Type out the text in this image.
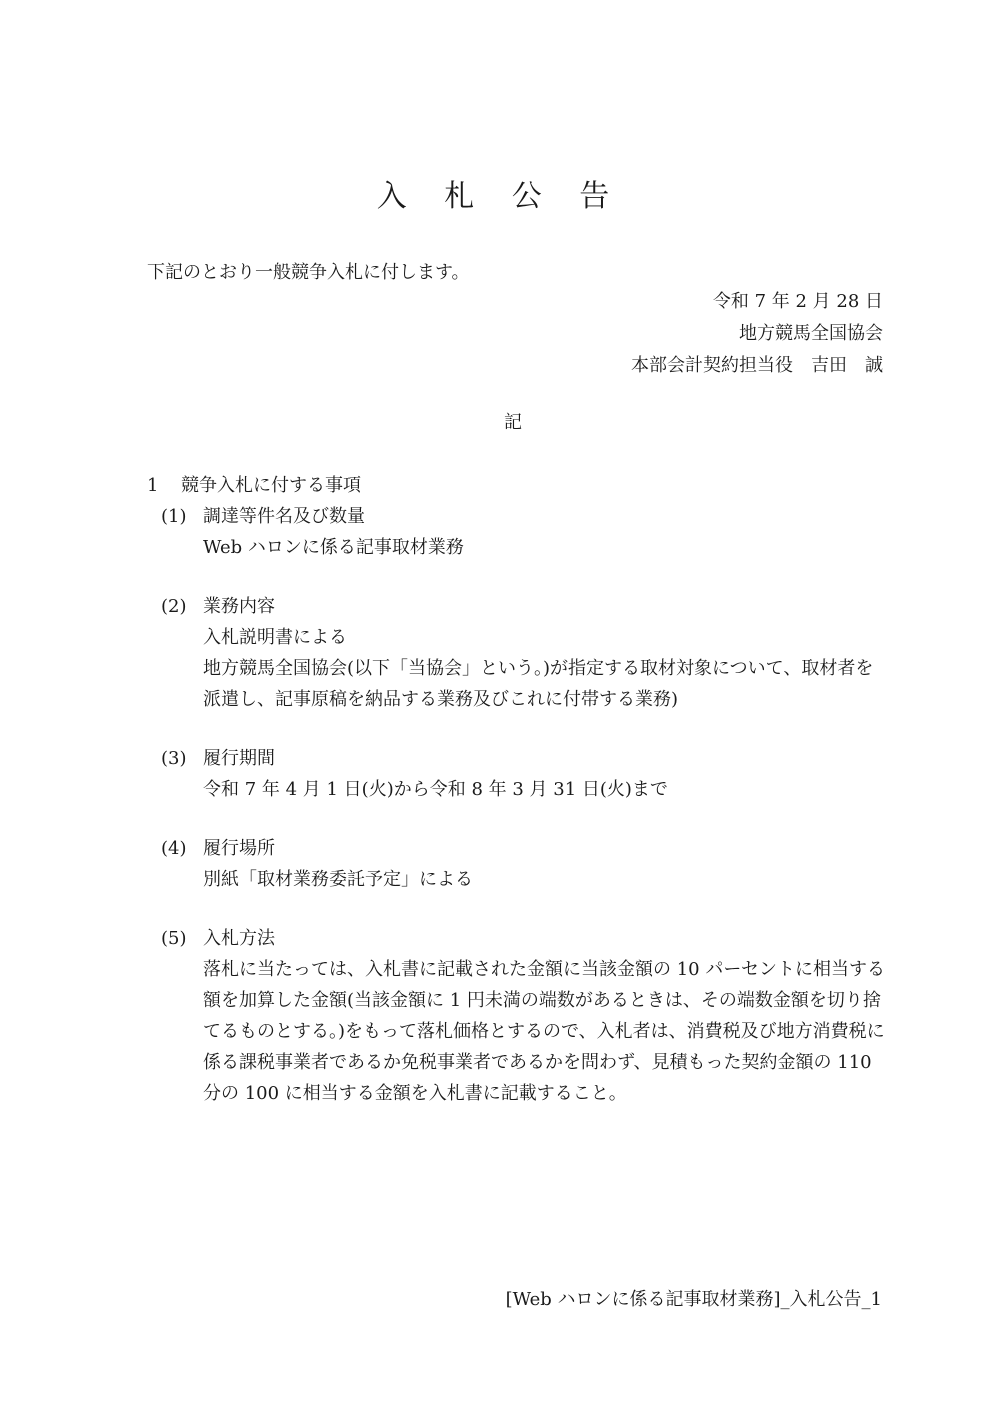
入 札 公 告
下記のとおり一般競争入札に付します。
令和 7 年 2 月 28 日
地方競馬全国協会
本部会計契約担当役　吉田　誠
記
1	競争入札に付する事項
(1) 調達等件名及び数量

Web ハロンに係る記事取材業務

(2) 業務内容

入札説明書による

地方競馬全国協会(以下「当協会」という。)が指定する取材対象について、取材者を派遣し、記事原稿を納品する業務及びこれに付帯する業務)

(3) 履行期間

令和 7 年 4 月 1 日(火)から令和 8 年 3 月 31 日(火)まで

(4) 履行場所

別紙「取材業務委託予定」による

(5) 入札方法

落札に当たっては、入札書に記載された金額に当該金額の 10 パーセントに相当する額を加算した金額(当該金額に 1 円未満の端数があるときは、その端数金額を切り捨てるものとする。)をもって落札価格とするので、入札者は、消費税及び地方消費税に係る課税事業者であるか免税事業者であるかを問わず、見積もった契約金額の 110 分の 100 に相当する金額を入札書に記載すること。

[Web ハロンに係る記事取材業務]_入札公告_1
